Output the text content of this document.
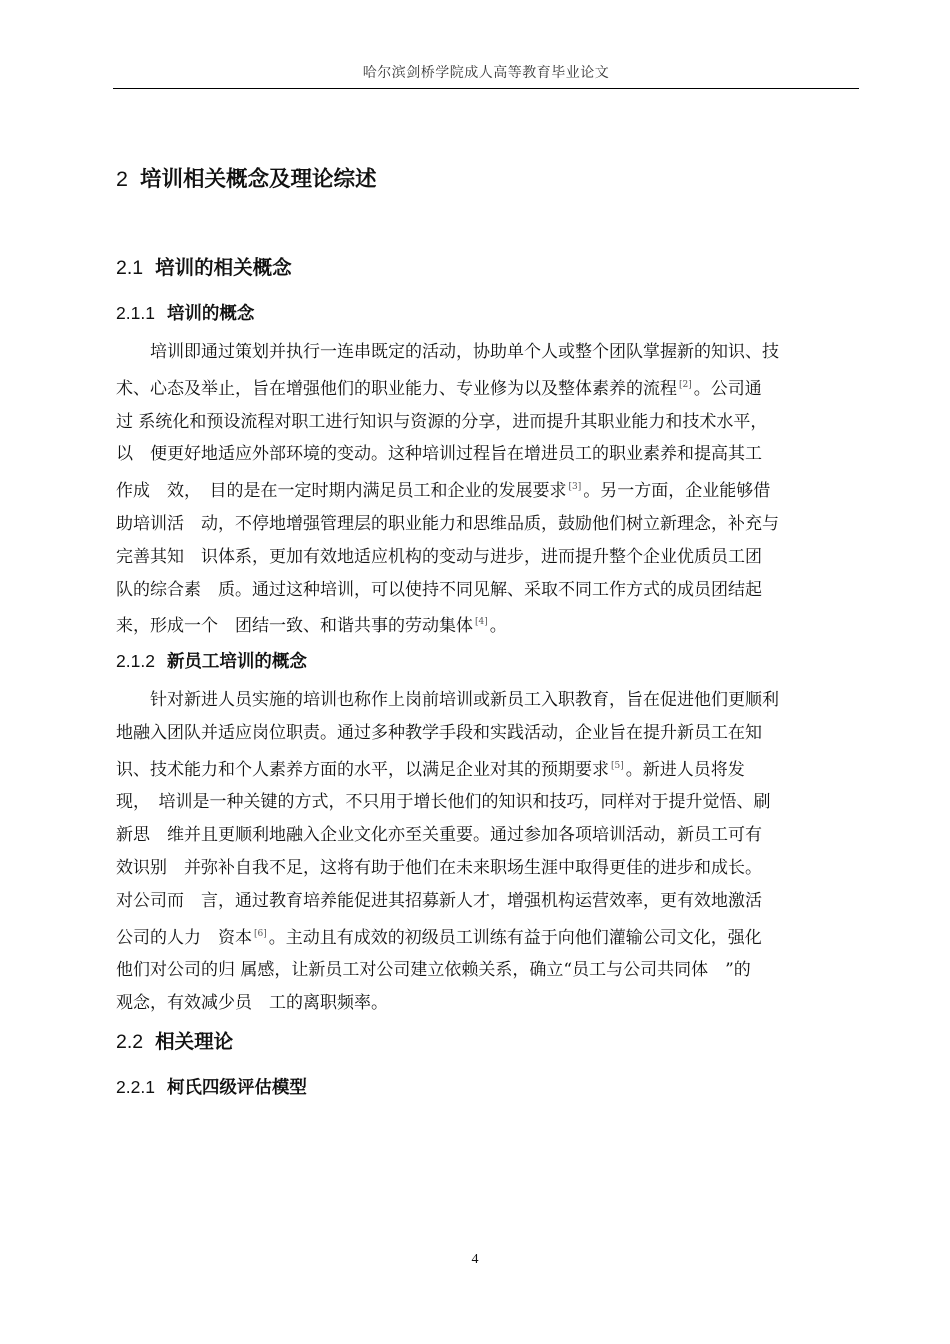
哈尔滨剑桥学院成人高等教育毕业论文
2 培训相关概念及理论综述
2.1 培训的相关概念
2.1.1 培训的概念
培训即通过策划并执行一连串既定的活动，协助单个人或整个团队掌握新的知识、技
术、心态及举止，旨在增强他们的职业能力、专业修为以及整体素养的流程 [2] 。公司通
过 系统化和预设流程对职工进行知识与资源的分享，进而提升其职业能力和技术水平，
以　便更好地适应外部环境的变动。这种培训过程旨在增进员工的职业素养和提高其工
作成　效，　目的是在一定时期内满足员工和企业的发展要求 [3] 。另一方面，企业能够借
助培训活　动，不停地增强管理层的职业能力和思维品质，鼓励他们树立新理念，补充与
完善其知　识体系，更加有效地适应机构的变动与进步，进而提升整个企业优质员工团
队的综合素　质。通过这种培训，可以使持不同见解、采取不同工作方式的成员团结起
来，形成一个　团结一致、和谐共事的劳动集体 [4] 。
2.1.2 新员工培训的概念
针对新进人员实施的培训也称作上岗前培训或新员工入职教育，旨在促进他们更顺利
地融入团队并适应岗位职责。通过多种教学手段和实践活动，企业旨在提升新员工在知
识、技术能力和个人素养方面的水平，以满足企业对其的预期要求 [5] 。新进人员将发
现，　培训是一种关键的方式，不只用于增长他们的知识和技巧，同样对于提升觉悟、刷
新思　维并且更顺利地融入企业文化亦至关重要。通过参加各项培训活动，新员工可有
效识别　并弥补自我不足，这将有助于他们在未来职场生涯中取得更佳的进步和成长。
对公司而　言，通过教育培养能促进其招募新人才，增强机构运营效率，更有效地激活
公司的人力　资本 [6] 。主动且有成效的初级员工训练有益于向他们灌输公司文化，强化
他们对公司的归 属感，让新员工对公司建立依赖关系，确立“员工与公司共同体　”的
观念，有效减少员　工的离职频率。
2.2 相关理论
2.2.1 柯氏四级评估模型
4
